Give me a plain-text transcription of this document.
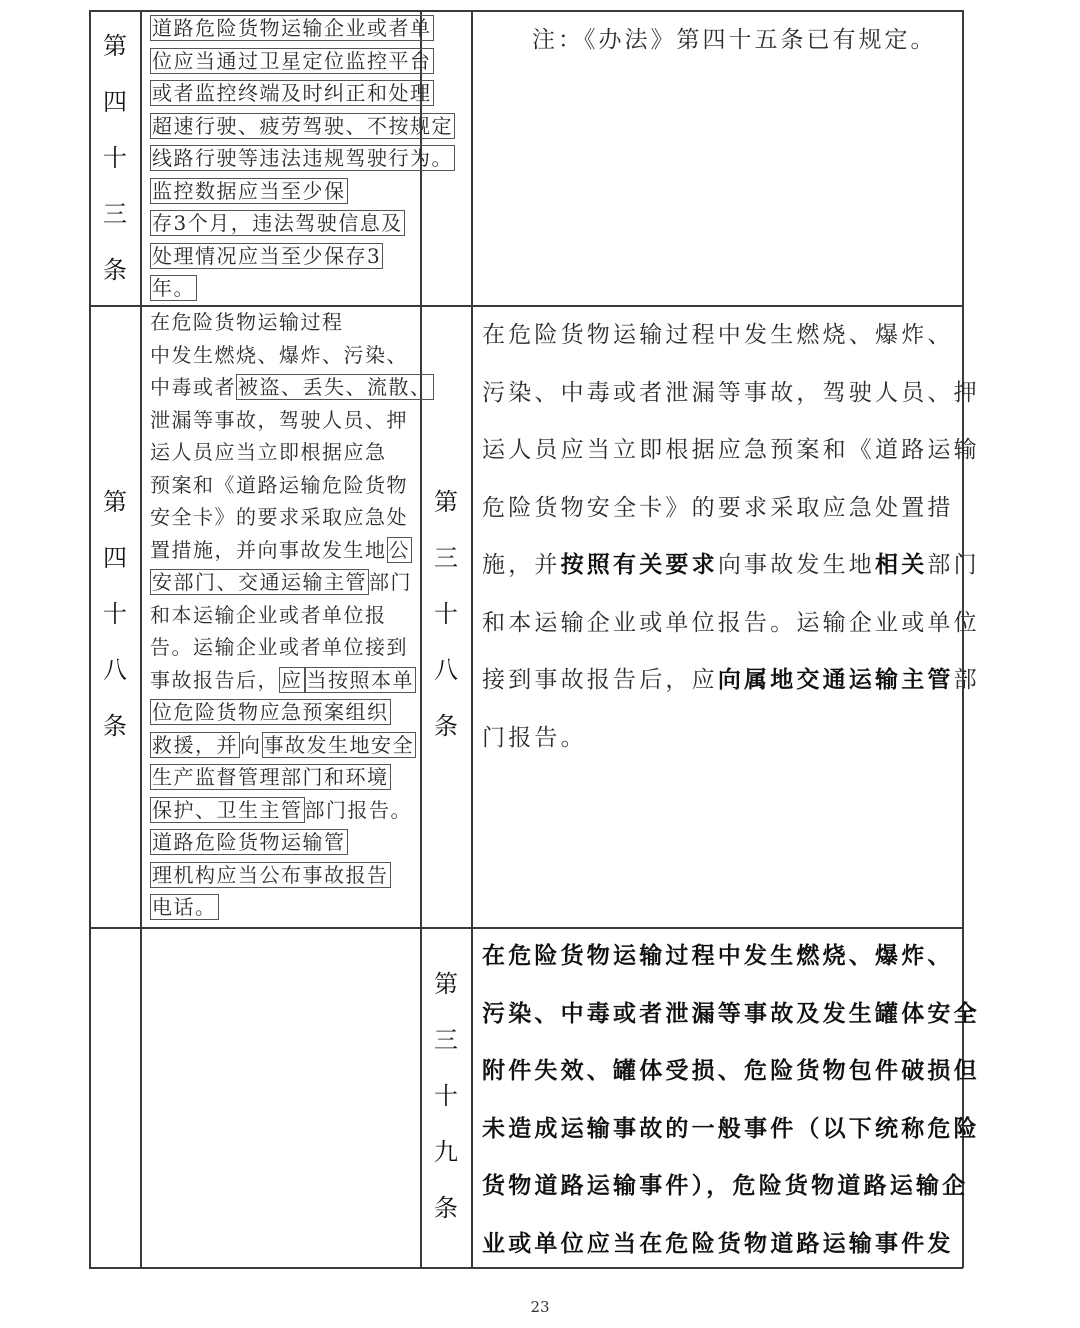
第
四
十
三
条
道路危险货物运输企业或者单
位应当通过卫星定位监控平台
或者监控终端及时纠正和处理
超速行驶、疲劳驾驶、不按规定
线路行驶等违法违规驾驶行为。
监控数据应当至少保
存3个月，违法驾驶信息及
处理情况应当至少保存3
年。
注：《办法》第四十五条已有规定。
第
四
十
八
条
在危险货物运输过程
中发生燃烧、爆炸、污染、
中毒或者 被盗、丢失、流散、
泄漏等事故，驾驶人员、押
运人员应当立即根据应急
预案和《道路运输危险货物
安全卡》的要求采取应急处
置措施，并向事故发生地 公
安部门、交通运输主管 部门
和本运输企业或者单位报
告。运输企业或者单位接到
事故报告后， 应 当按照本单
位危险货物应急预案组织
救援，并 向 事故发生地安全
生产监督管理部门和环境
保护、卫生主管 部门报告。
道路危险货物运输管
理机构应当公布事故报告
电话。
第
三
十
八
条
在危险货物运输过程中发生燃烧、爆炸、
污染、中毒或者泄漏等事故，驾驶人员、押
运人员应当立即根据应急预案和《道路运输
危险货物安全卡》的要求采取应急处置措
施，并按照有关要求向事故发生地相关部门
和本运输企业或单位报告。运输企业或单位
接到事故报告后，应向属地交通运输主管部
门报告。
第
三
十
九
条
在危险货物运输过程中发生燃烧、爆炸、
污染、中毒或者泄漏等事故及发生罐体安全
附件失效、罐体受损、危险货物包件破损但
未造成运输事故的一般事件（以下统称危险
货物道路运输事件），危险货物道路运输企
业或单位应当在危险货物道路运输事件发
23
